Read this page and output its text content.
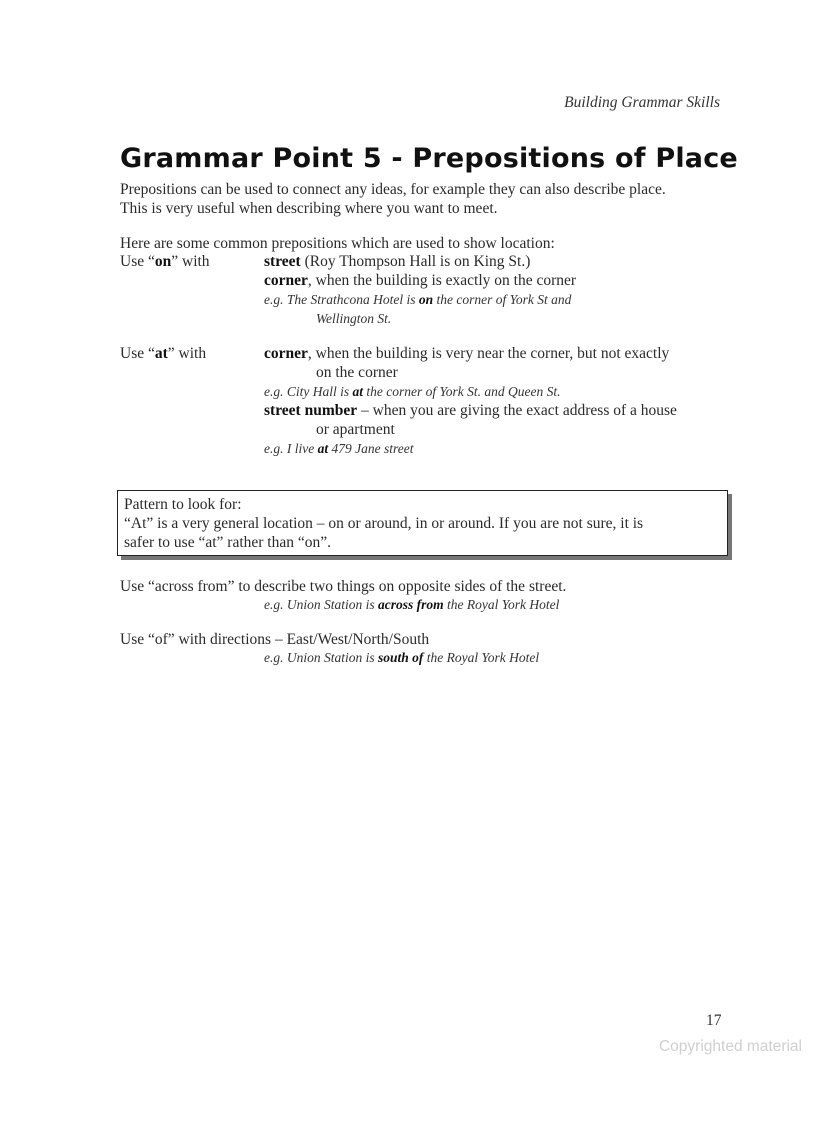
Building Grammar Skills
Grammar Point 5 - Prepositions of Place
Prepositions can be used to connect any ideas, for example they can also describe place.
This is very useful when describing where you want to meet.
Here are some common prepositions which are used to show location:
Use “on” with	street (Roy Thompson Hall is on King St.)
corner, when the building is exactly on the corner
e.g. The Strathcona Hotel is on the corner of York St and
Wellington St.
Use “at” with	corner, when the building is very near the corner, but not exactly
on the corner
e.g. City Hall is at the corner of York St. and Queen St.
street number – when you are giving the exact address of a house
or apartment
e.g. I live at 479 Jane street
Pattern to look for:
“At” is a very general location – on or around, in or around. If you are not sure, it is
safer to use “at” rather than “on”.
Use “across from” to describe two things on opposite sides of the street.
e.g. Union Station is across from the Royal York Hotel
Use “of” with directions – East/West/North/South
e.g. Union Station is south of the Royal York Hotel
17
Copyrighted material
